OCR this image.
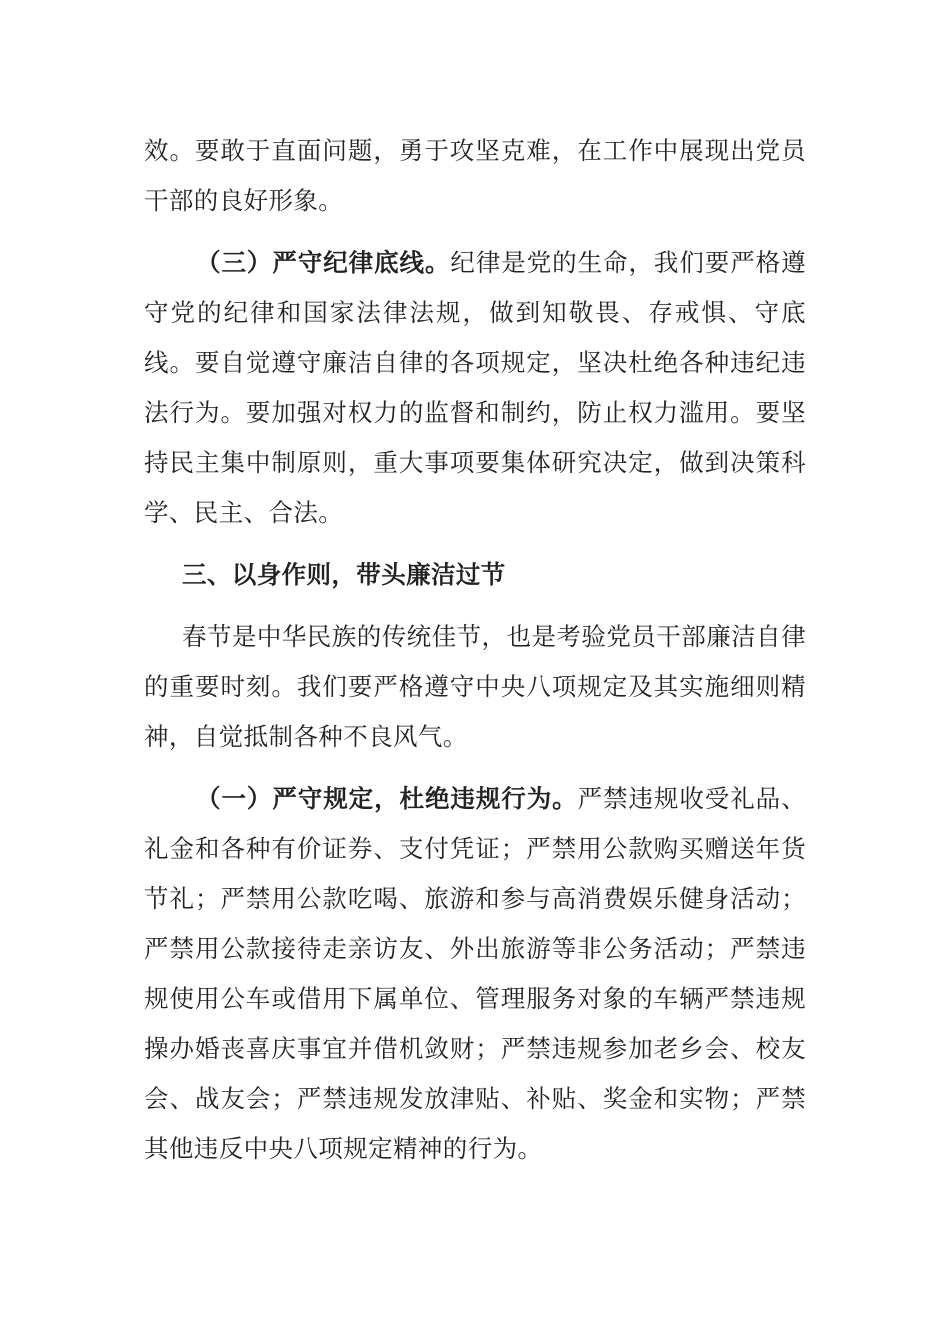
效。要敢于直面问题，勇于攻坚克难，在工作中展现出党员干部的良好形象。

（三）严守纪律底线。纪律是党的生命，我们要严格遵守党的纪律和国家法律法规，做到知敬畏、存戒惧、守底线。要自觉遵守廉洁自律的各项规定，坚决杜绝各种违纪违法行为。要加强对权力的监督和制约，防止权力滥用。要坚持民主集中制原则，重大事项要集体研究决定，做到决策科学、民主、合法。

三、以身作则，带头廉洁过节

春节是中华民族的传统佳节，也是考验党员干部廉洁自律的重要时刻。我们要严格遵守中央八项规定及其实施细则精神，自觉抵制各种不良风气。

（一）严守规定，杜绝违规行为。严禁违规收受礼品、礼金和各种有价证券、支付凭证；严禁用公款购买赠送年货节礼；严禁用公款吃喝、旅游和参与高消费娱乐健身活动；严禁用公款接待走亲访友、外出旅游等非公务活动；严禁违规使用公车或借用下属单位、管理服务对象的车辆严禁违规操办婚丧喜庆事宜并借机敛财；严禁违规参加老乡会、校友会、战友会；严禁违规发放津贴、补贴、奖金和实物；严禁其他违反中央八项规定精神的行为。
